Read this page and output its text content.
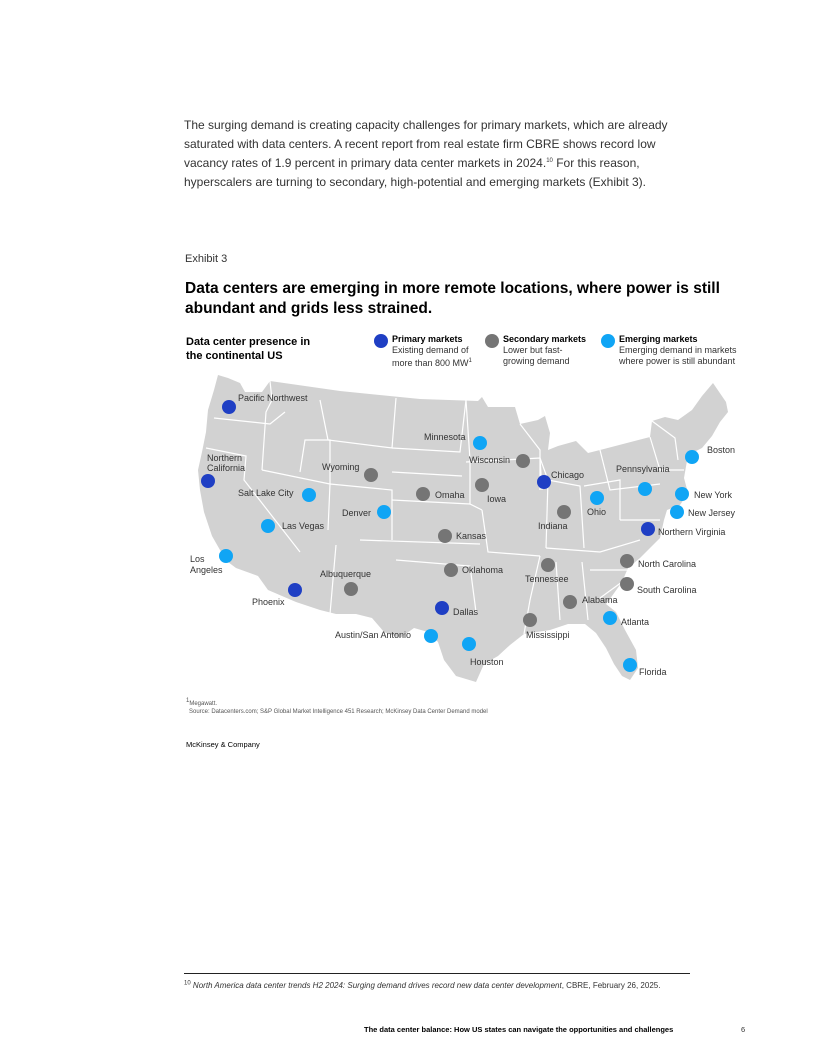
The surging demand is creating capacity challenges for primary markets, which are already saturated with data centers. A recent report from real estate firm CBRE shows record low vacancy rates of 1.9 percent in primary data center markets in 2024.10 For this reason, hyperscalers are turning to secondary, high-potential and emerging markets (Exhibit 3).

Exhibit 3
Data centers are emerging in more remote locations, where power is still abundant and grids less strained.
Data center presence in
the continental US
Primary markets
Existing demand of
more than 800 $MW^1$
Secondary markets
Lower but fast-
growing demand
Emerging markets
Emerging demand in markets
where power is still abundant
Pacific Northwest
Northern
California
Phoenix
Dallas
Chicago
Northern Virginia
Wyoming
Omaha Iowa
Wisconsin
Kansas
Oklahoma
Albuquerque	Tennessee
Indiana
Alabama
Mississippi
North Carolina
South Carolina
Los
Angeles
Las Vegas
Salt Lake City
Denver
Minnesota
Austin/San Antonio
Houston
Ohio
Pennsylvania
Boston
New York
New Jersey
Atlanta
Florida
$^1$Megawatt.
Source: Datacenters.com; S&P Global Market Intelligence 451 Research; McKinsey Data Center Demand model
McKinsey & Company
$^{10}$ North America data center trends H2 2024: Surging demand drives record new data center development, CBRE, February 26, 2025.
The data center balance: How US states can navigate the opportunities and challenges	6
